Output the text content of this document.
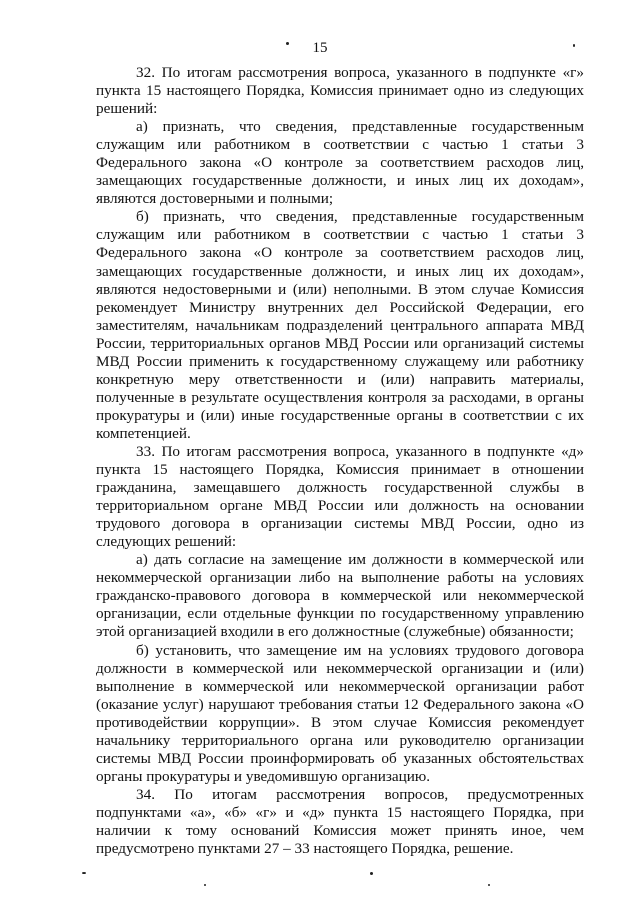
15

32. По итогам рассмотрения вопроса, указанного в подпункте «г» пункта 15 настоящего Порядка, Комиссия принимает одно из следующих решений:

а) признать, что сведения, представленные государственным служащим или работником в соответствии с частью 1 статьи 3 Федерального закона «О контроле за соответствием расходов лиц, замещающих государственные должности, и иных лиц их доходам», являются достоверными и полными;

б) признать, что сведения, представленные государственным служащим или работником в соответствии с частью 1 статьи 3 Федерального закона «О контроле за соответствием расходов лиц, замещающих государственные должности, и иных лиц их доходам», являются недостоверными и (или) неполными. В этом случае Комиссия рекомендует Министру внутренних дел Российской Федерации, его заместителям, начальникам подразделений центрального аппарата МВД России, территориальных органов МВД России или организаций системы МВД России применить к государственному служащему или работнику конкретную меру ответственности и (или) направить материалы, полученные в результате осуществления контроля за расходами, в органы прокуратуры и (или) иные государственные органы в соответствии с их компетенцией.

33. По итогам рассмотрения вопроса, указанного в подпункте «д» пункта 15 настоящего Порядка, Комиссия принимает в отношении гражданина, замещавшего должность государственной службы в территориальном органе МВД России или должность на основании трудового договора в организации системы МВД России, одно из следующих решений:

а) дать согласие на замещение им должности в коммерческой или некоммерческой организации либо на выполнение работы на условиях гражданско-правового договора в коммерческой или некоммерческой организации, если отдельные функции по государственному управлению этой организацией входили в его должностные (служебные) обязанности;

б) установить, что замещение им на условиях трудового договора должности в коммерческой или некоммерческой организации и (или) выполнение в коммерческой или некоммерческой организации работ (оказание услуг) нарушают требования статьи 12 Федерального закона «О противодействии коррупции». В этом случае Комиссия рекомендует начальнику территориального органа или руководителю организации системы МВД России проинформировать об указанных обстоятельствах органы прокуратуры и уведомившую организацию.

34. По итогам рассмотрения вопросов, предусмотренных подпунктами «а», «б» «г» и «д» пункта 15 настоящего Порядка, при наличии к тому оснований Комиссия может принять иное, чем предусмотрено пунктами 27 – 33 настоящего Порядка, решение.
